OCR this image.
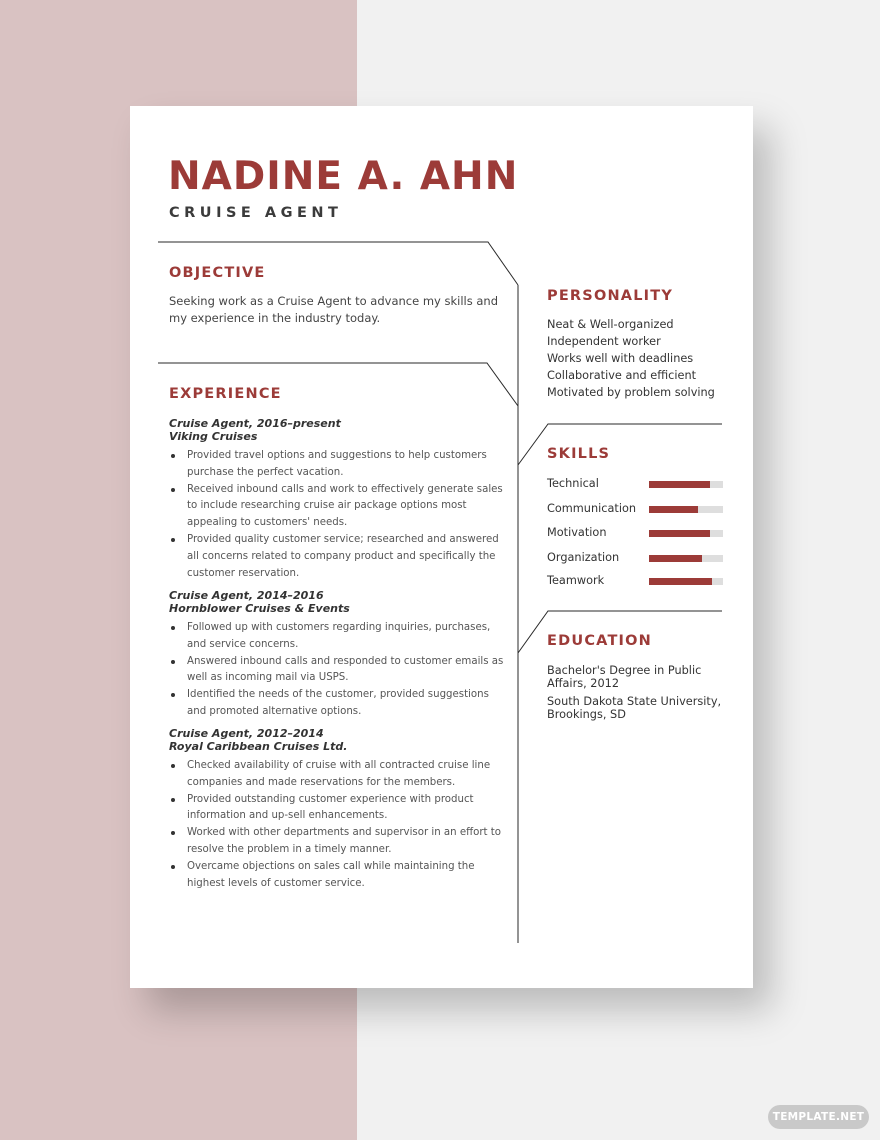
NADINE A. AHN
CRUISE AGENT
OBJECTIVE
Seeking work as a Cruise Agent to advance my skills and my experience in the industry today.
EXPERIENCE
Cruise Agent, 2016–present
Viking Cruises
Provided travel options and suggestions to help customers purchase the perfect vacation.
Received inbound calls and work to effectively generate sales to include researching cruise air package options most appealing to customers' needs.
Provided quality customer service; researched and answered all concerns related to company product and specifically the customer reservation.
Cruise Agent, 2014–2016
Hornblower Cruises & Events
Followed up with customers regarding inquiries, purchases, and service concerns.
Answered inbound calls and responded to customer emails as well as incoming mail via USPS.
Identified the needs of the customer, provided suggestions and promoted alternative options.
Cruise Agent, 2012–2014
Royal Caribbean Cruises Ltd.
Checked availability of cruise with all contracted cruise line companies and made reservations for the members.
Provided outstanding customer experience with product information and up-sell enhancements.
Worked with other departments and supervisor in an effort to resolve the problem in a timely manner.
Overcame objections on sales call while maintaining the highest levels of customer service.
PERSONALITY
Neat & Well-organized
Independent worker
Works well with deadlines
Collaborative and efficient
Motivated by problem solving
SKILLS
Technical
Communication
Motivation
Organization
Teamwork
EDUCATION
Bachelor's Degree in Public Affairs, 2012
South Dakota State University, Brookings, SD
TEMPLATE.NET
